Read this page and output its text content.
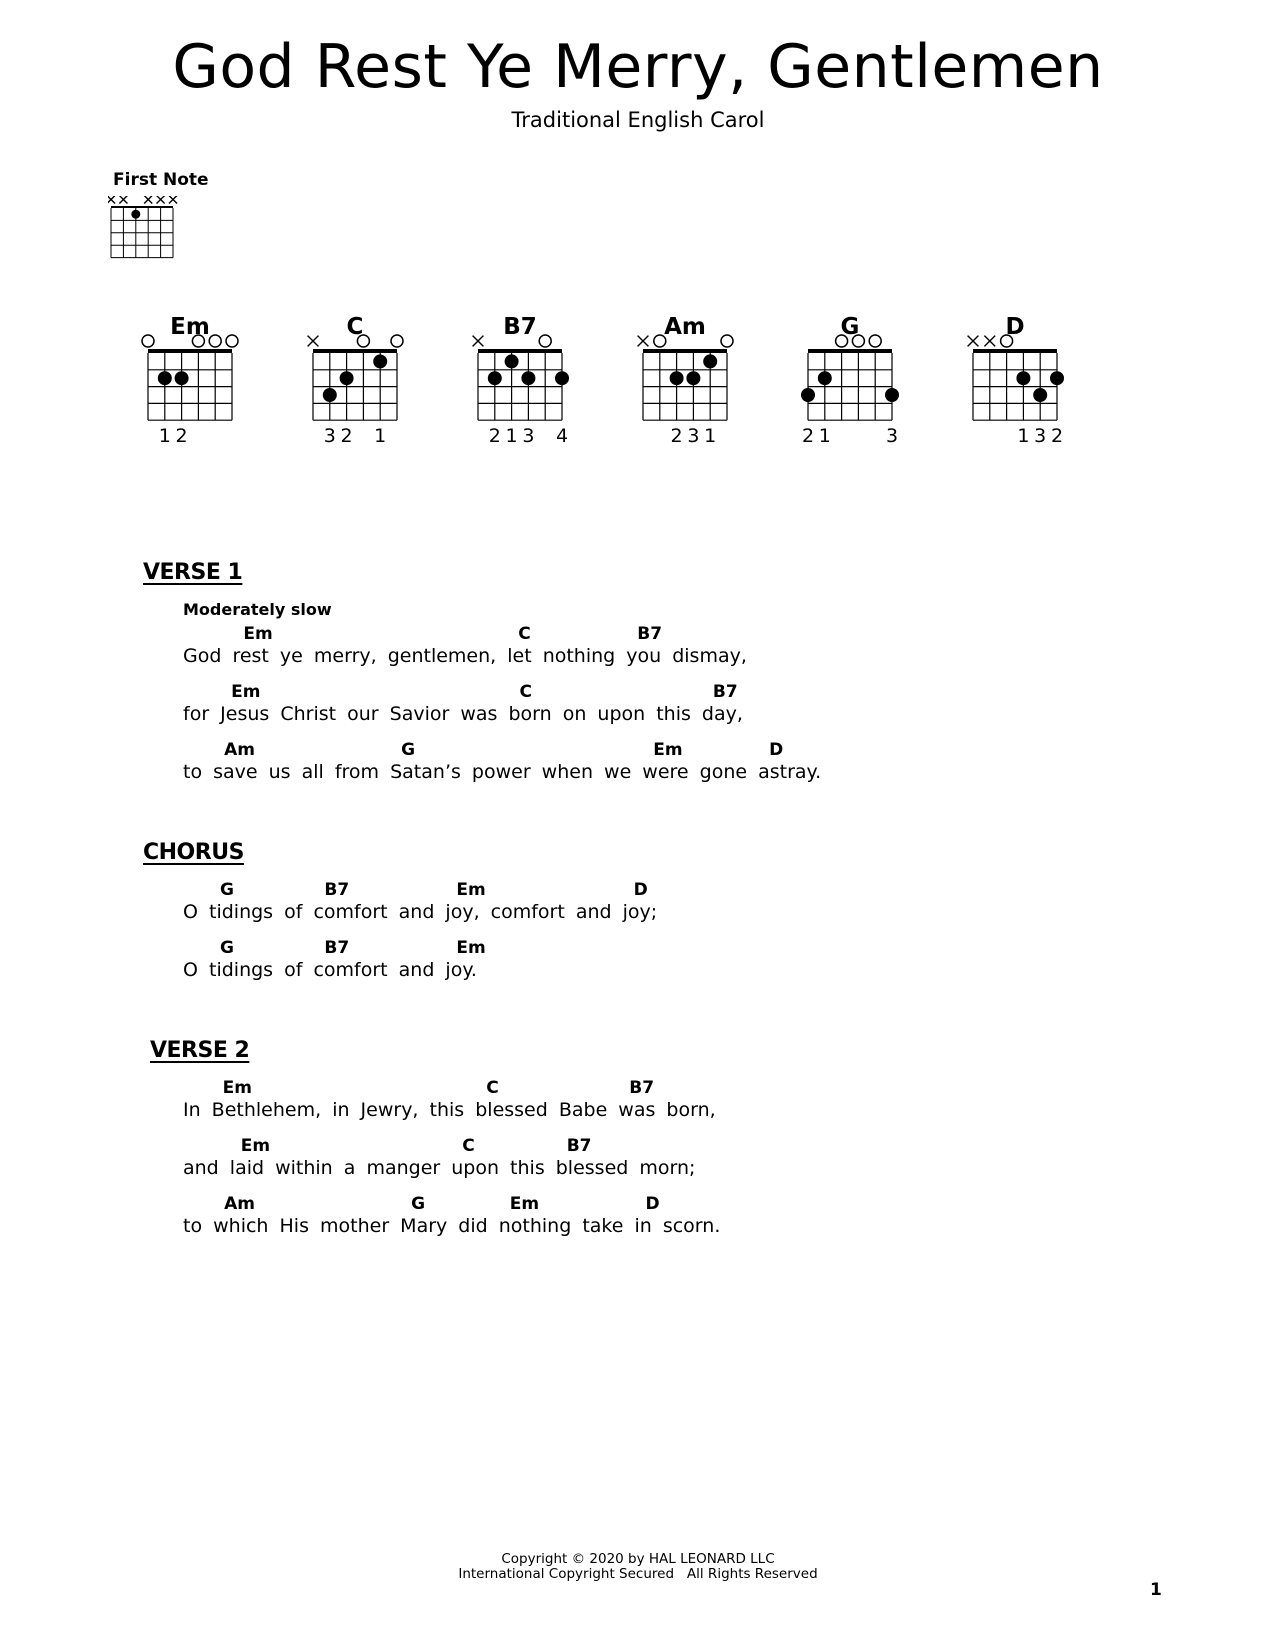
God Rest Ye Merry, Gentlemen
Traditional English Carol
First Note
Em
1 2
C
3 2 1
B7
2 1 3 4
Am
2 3 1
G
2 1	3
D
1 3 2
VERSE 1
Moderately slow
God rest ye merry, gentlemen, let nothing you dismay,
Em	C	B7
for Jesus Christ our Savior was born on upon this day,
Em	C	B7
to save us all from Satan’s power when we were gone astray.
Am	G	Em	D
CHORUS
O tidings of comfort and joy, comfort and joy;
G	B7	Em	D
O tidings of comfort and joy.
G	B7	Em
VERSE 2
In Bethlehem, in Jewry, this blessed Babe was born,
Em	C	B7
and laid within a manger upon this blessed morn;
Em	C	B7
to which His mother Mary did nothing take in scorn.
Am	G	Em	D
Copyright © 2020 by HAL LEONARD LLC
International Copyright Secured   All Rights Reserved
1
